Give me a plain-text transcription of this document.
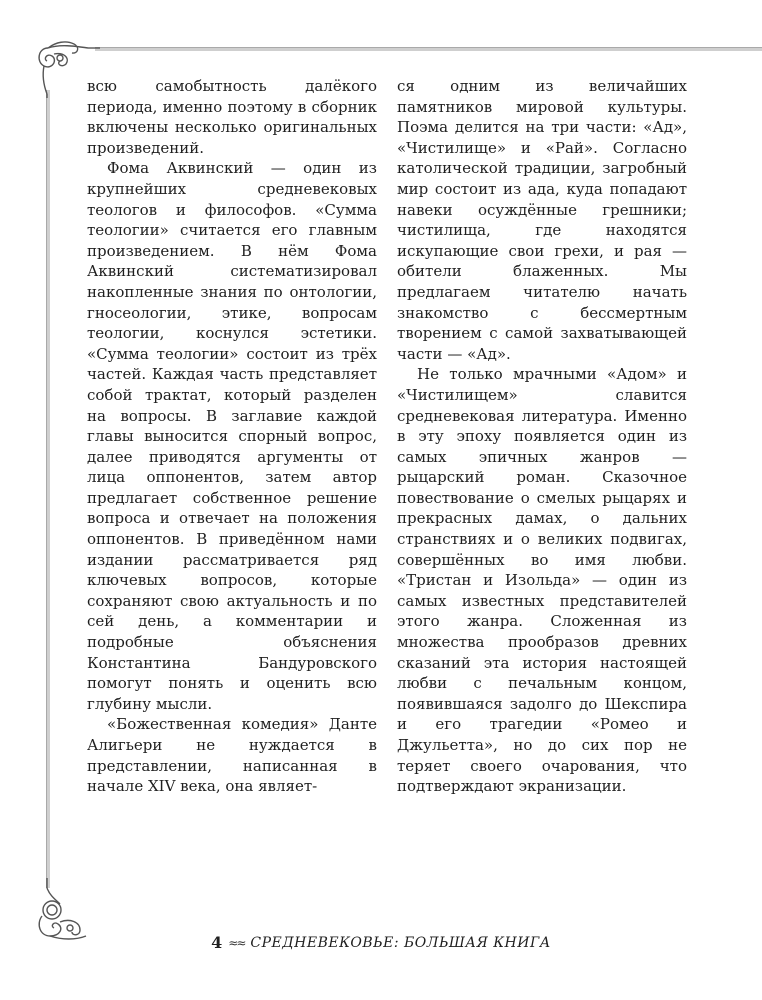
всю самобытность далёкого периода, именно поэтому в сборник включены несколько оригинальных произведений.

Фома Аквинский — один из крупнейших средневековых теологов и философов. «Сумма теологии» считается его главным произведением. В нём Фома Аквинский систематизировал накопленные знания по онтологии, гносеологии, этике, вопросам теологии, коснулся эстетики. «Сумма теологии» состоит из трёх частей. Каждая часть представляет собой трактат, который разделен на вопросы. В заглавие каждой главы выносится спорный вопрос, далее приводятся аргументы от лица оппонентов, затем автор предлагает собственное решение вопроса и отвечает на положения оппонентов. В приведённом нами издании рассматривается ряд ключевых вопросов, которые сохраняют свою актуальность и по сей день, а комментарии и подробные объяснения Константина Бандуровского помогут понять и оценить всю глубину мысли.

«Божественная комедия» Данте Алигьери не нуждается в представлении, написанная в начале XIV века, она являет-

ся одним из величайших памятников мировой культуры. Поэма делится на три части: «Ад», «Чистилище» и «Рай». Согласно католической традиции, загробный мир состоит из ада, куда попадают навеки осуждённые грешники; чистилища, где находятся искупающие свои грехи, и рая — обители блаженных. Мы предлагаем читателю начать знакомство с бессмертным творением с самой захватывающей части — «Ад».

Не только мрачными «Адом» и «Чистилищем» славится средневековая литература. Именно в эту эпоху появляется один из самых эпичных жанров — рыцарский роман. Сказочное повествование о смелых рыцарях и прекрасных дамах, о дальних странствиях и о великих подвигах, совершённых во имя любви. «Тристан и Изольда» — один из самых известных представителей этого жанра. Сложенная из множества прообразов древних сказаний эта история настоящей любви с печальным концом, появившаяся задолго до Шекспира и его трагедии «Ромео и Джульетта», но до сих пор не теряет своего очарования, что подтверждают экранизации.

4 ≈≈ СРЕДНЕВЕКОВЬЕ: БОЛЬШАЯ КНИГА
